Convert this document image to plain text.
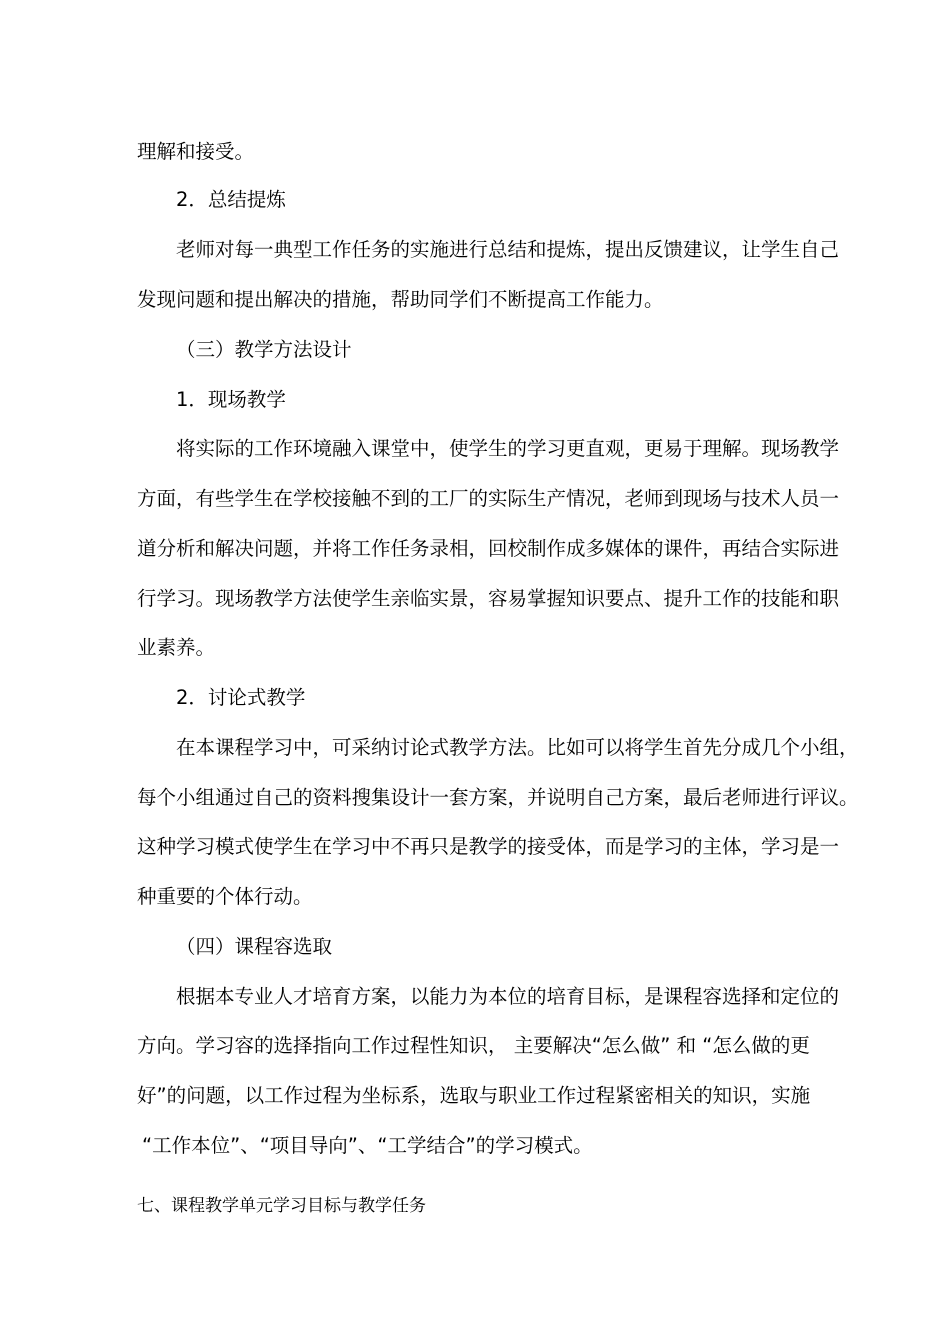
理解和接受。

2．总结提炼

老师对每一典型工作任务的实施进行总结和提炼，提出反馈建议，让学生自己

发现问题和提出解决的措施，帮助同学们不断提高工作能力。

（三）教学方法设计

1．现场教学

将实际的工作环境融入课堂中，使学生的学习更直观，更易于理解。现场教学

方面，有些学生在学校接触不到的工厂的实际生产情况，老师到现场与技术人员一

道分析和解决问题，并将工作任务录相，回校制作成多媒体的课件，再结合实际进

行学习。现场教学方法使学生亲临实景，容易掌握知识要点、提升工作的技能和职

业素养。

2．讨论式教学

在本课程学习中，可采纳讨论式教学方法。比如可以将学生首先分成几个小组，

每个小组通过自己的资料搜集设计一套方案，并说明自己方案，最后老师进行评议。

这种学习模式使学生在学习中不再只是教学的接受体，而是学习的主体，学习是一

种重要的个体行动。

（四）课程容选取

根据本专业人才培育方案，以能力为本位的培育目标，是课程容选择和定位的

方向。学习容的选择指向工作过程性知识， 主要解决“怎么做” 和 “怎么做的更

好”的问题，以工作过程为坐标系，选取与职业工作过程紧密相关的知识，实施

“工作本位”、“项目导向”、“工学结合”的学习模式。

七、课程教学单元学习目标与教学任务
